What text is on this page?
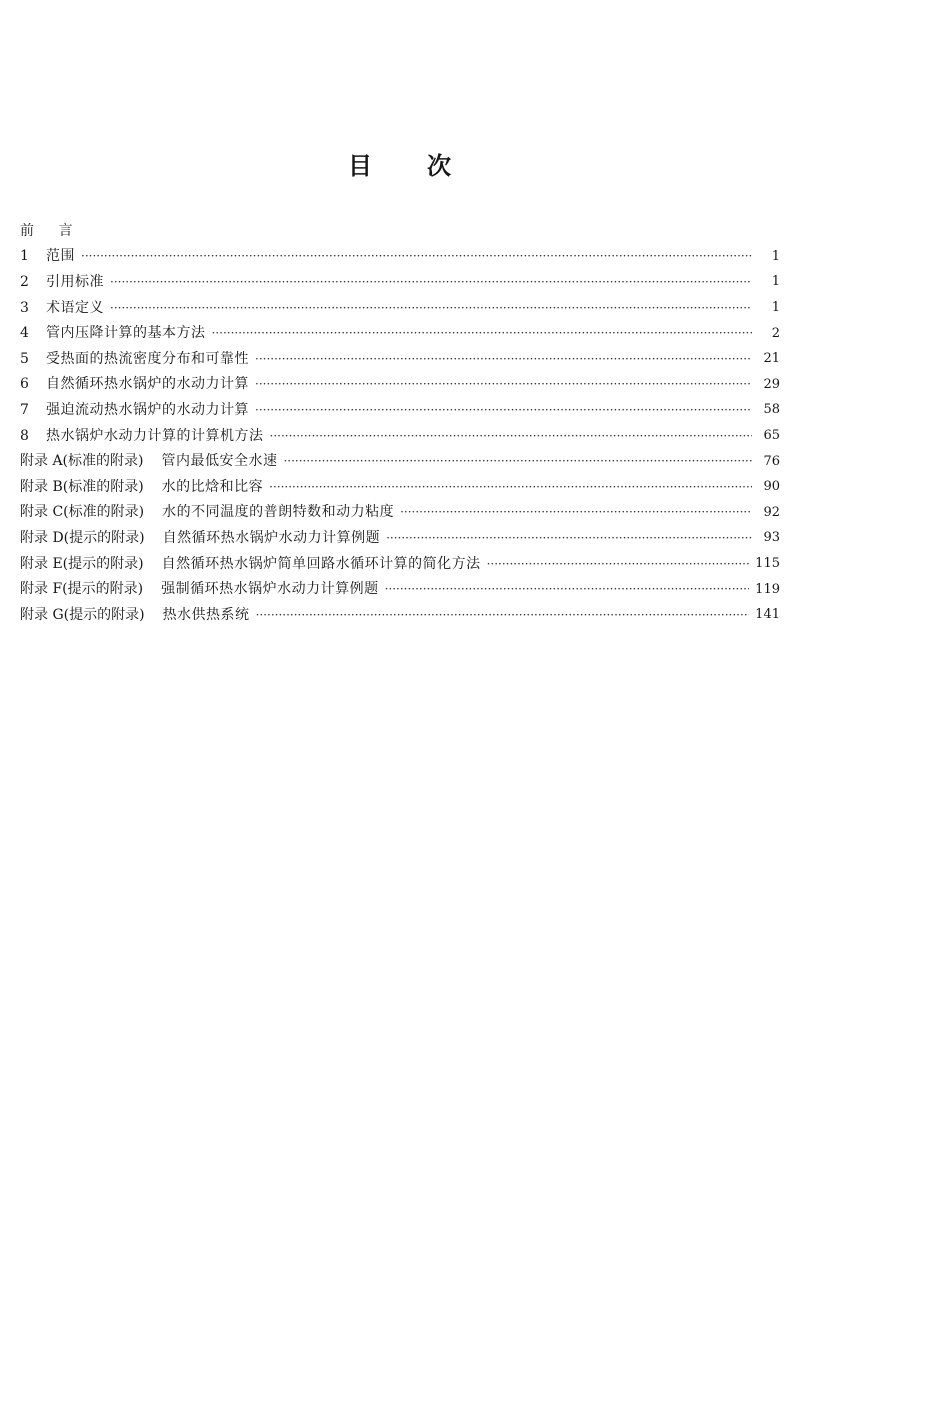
目 次
前 言
1	范围 ·····	1
2	引用标准 ·····	1
3	术语定义 ·····	1
4	管内压降计算的基本方法 ·····	2
5	受热面的热流密度分布和可靠性 ·····	21
6	自然循环热水锅炉的水动力计算 ·····	29
7	强迫流动热水锅炉的水动力计算 ·····	58
8	热水锅炉水动力计算的计算机方法 ·····	65
附录 A(标准的附录) 管内最低安全水速 ·····	76
附录 B(标准的附录) 水的比焓和比容 ·····	90
附录 C(标准的附录) 水的不同温度的普朗特数和动力粘度 ·····	92
附录 D(提示的附录) 自然循环热水锅炉水动力计算例题 ·····	93
附录 E(提示的附录) 自然循环热水锅炉简单回路水循环计算的简化方法 ·····	115
附录 F(提示的附录) 强制循环热水锅炉水动力计算例题 ·····	119
附录 G(提示的附录) 热水供热系统 ·····	141
